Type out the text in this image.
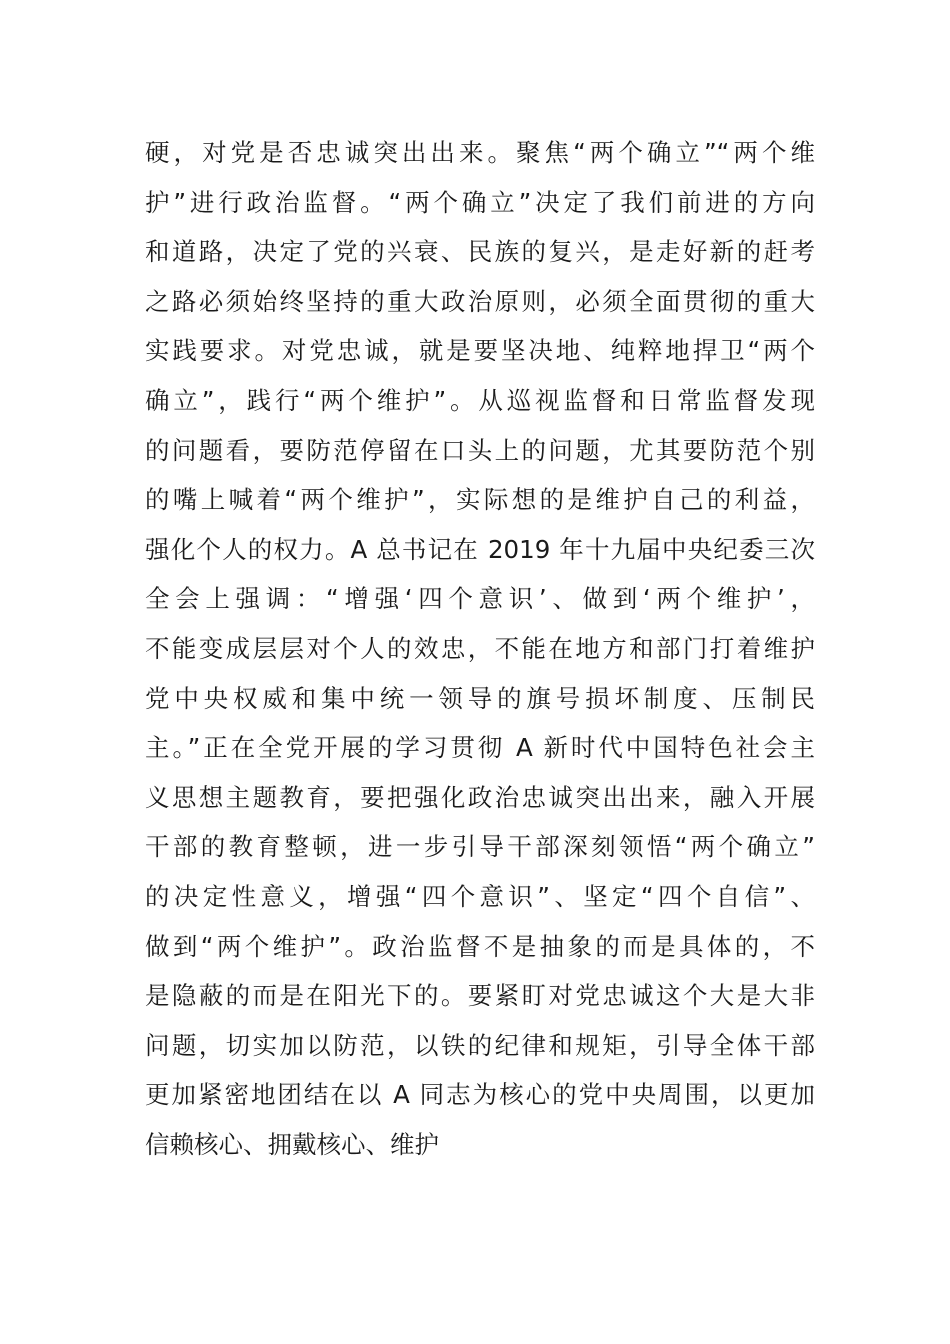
硬，对党是否忠诚突出出来。聚焦“两个确立”“两个维
护”进行政治监督。“两个确立”决定了我们前进的方向
和道路，决定了党的兴衰、民族的复兴，是走好新的赶考
之路必须始终坚持的重大政治原则，必须全面贯彻的重大
实践要求。对党忠诚，就是要坚决地、纯粹地捍卫“两个
确立”，践行“两个维护”。从巡视监督和日常监督发现
的问题看，要防范停留在口头上的问题，尤其要防范个别
的嘴上喊着“两个维护”，实际想的是维护自己的利益，
强化个人的权力。A 总书记在 2019 年十九届中央纪委三次
全会上强调：“增强‘四个意识’、做到‘两个维护’，
不能变成层层对个人的效忠，不能在地方和部门打着维护
党中央权威和集中统一领导的旗号损坏制度、压制民
主。”正在全党开展的学习贯彻 A 新时代中国特色社会主
义思想主题教育，要把强化政治忠诚突出出来，融入开展
干部的教育整顿，进一步引导干部深刻领悟“两个确立”
的决定性意义，增强“四个意识”、坚定“四个自信”、
做到“两个维护”。政治监督不是抽象的而是具体的，不
是隐蔽的而是在阳光下的。要紧盯对党忠诚这个大是大非
问题，切实加以防范，以铁的纪律和规矩，引导全体干部
更加紧密地团结在以 A 同志为核心的党中央周围，以更加
信赖核心、拥戴核心、维护
